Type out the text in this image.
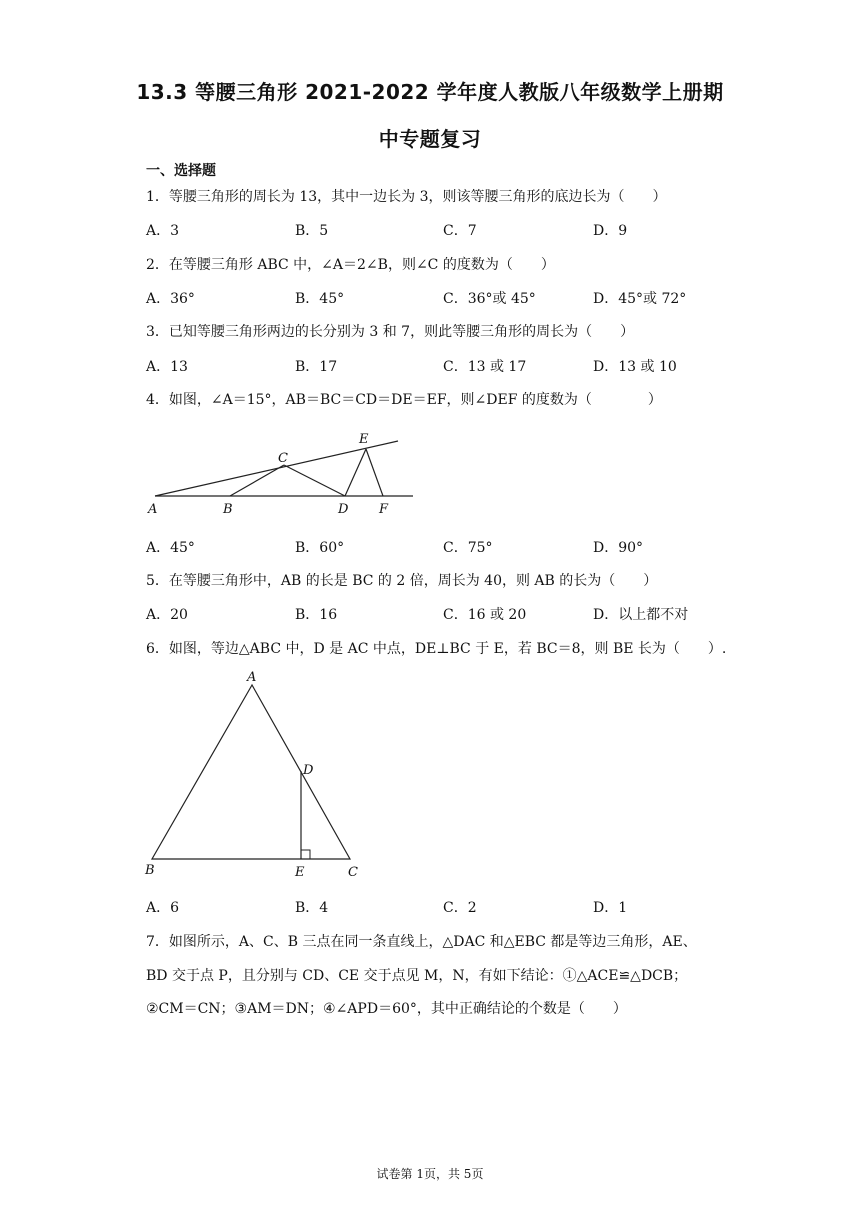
13.3 等腰三角形 2021-2022 学年度人教版八年级数学上册期
中专题复习
一、选择题
1．等腰三角形的周长为 13，其中一边长为 3，则该等腰三角形的底边长为（　　）
A．3	B．5	C．7	D．9
2．在等腰三角形 ABC 中，∠A＝2∠B，则∠C 的度数为（　　）
A．36°	B．45°	C．36°或 45°	D．45°或 72°
3．已知等腰三角形两边的长分别为 3 和 7，则此等腰三角形的周长为（　　）
A．13	B．17	C．13 或 17	D．13 或 10
4．如图，∠A＝15°，AB＝BC＝CD＝DE＝EF，则∠DEF 的度数为（　　　　）
A	B
C
D
E
F
A．45°	B．60°	C．75°	D．90°
5．在等腰三角形中，AB 的长是 BC 的 2 倍，周长为 40，则 AB 的长为（　　）
A．20	B．16	C．16 或 20	D．以上都不对
6．如图，等边△ABC 中，D 是 AC 中点，DE⊥BC 于 E，若 BC＝8，则 BE 长为（　　）.
A
B	C
D
E
A．6	B．4	C．2	D．1
7．如图所示，A、C、B 三点在同一条直线上，△DAC 和△EBC 都是等边三角形，AE、
BD 交于点 P，且分别与 CD、CE 交于点见 M，N，有如下结论：①△ACE≌△DCB；
②CM＝CN；③AM＝DN；④∠APD＝60°，其中正确结论的个数是（　　）
试卷第 1页，共 5页
